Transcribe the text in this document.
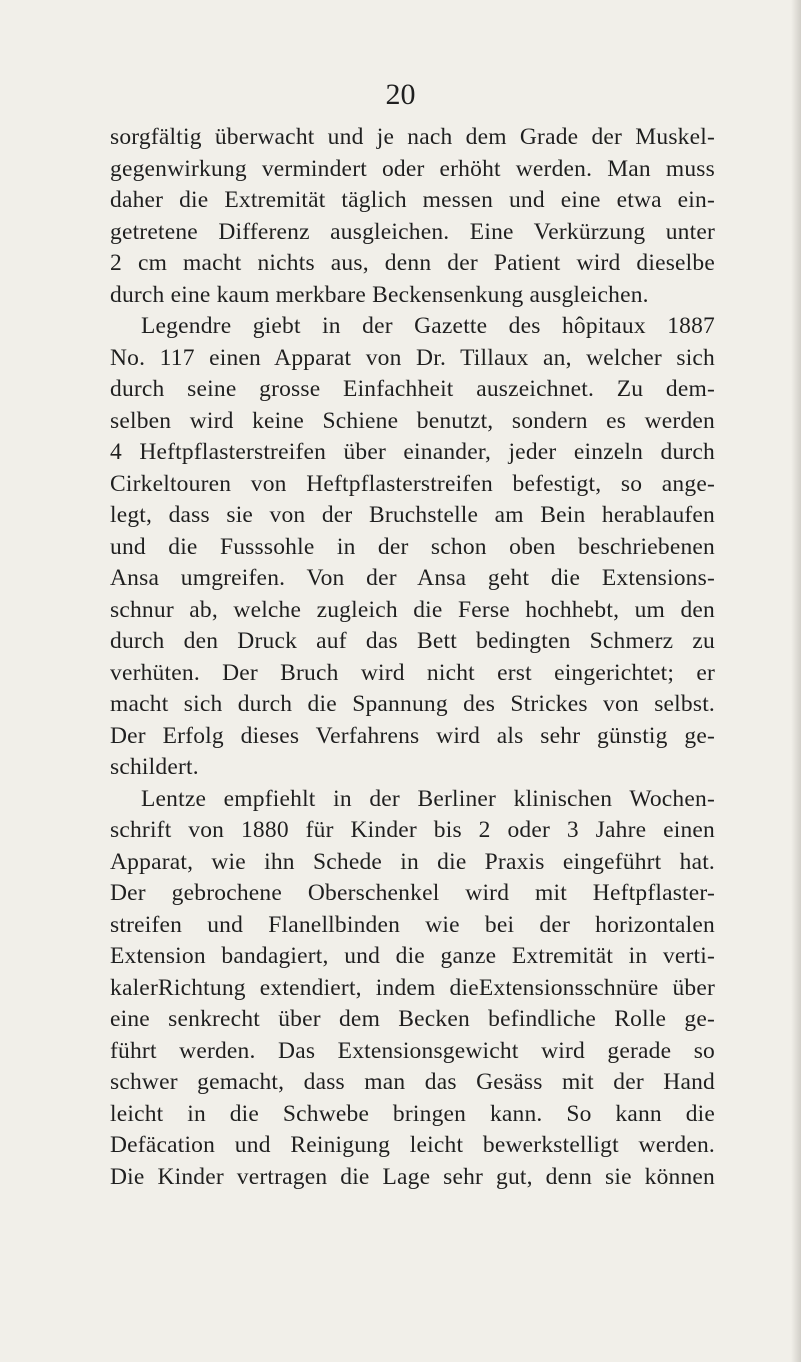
20
sorgfältig überwacht und je nach dem Grade der Muskel-
gegenwirkung vermindert oder erhöht werden. Man muss
daher die Extremität täglich messen und eine etwa ein-
getretene Differenz ausgleichen. Eine Verkürzung unter
2 cm macht nichts aus, denn der Patient wird dieselbe
durch eine kaum merkbare Beckensenkung ausgleichen.
Legendre giebt in der Gazette des hôpitaux 1887
No. 117 einen Apparat von Dr. Tillaux an, welcher sich
durch seine grosse Einfachheit auszeichnet. Zu dem-
selben wird keine Schiene benutzt, sondern es werden
4 Heftpflasterstreifen über einander, jeder einzeln durch
Cirkeltouren von Heftpflasterstreifen befestigt, so ange-
legt, dass sie von der Bruchstelle am Bein herablaufen
und die Fusssohle in der schon oben beschriebenen
Ansa umgreifen. Von der Ansa geht die Extensions-
schnur ab, welche zugleich die Ferse hochhebt, um den
durch den Druck auf das Bett bedingten Schmerz zu
verhüten. Der Bruch wird nicht erst eingerichtet; er
macht sich durch die Spannung des Strickes von selbst.
Der Erfolg dieses Verfahrens wird als sehr günstig ge-
schildert.
Lentze empfiehlt in der Berliner klinischen Wochen-
schrift von 1880 für Kinder bis 2 oder 3 Jahre einen
Apparat, wie ihn Schede in die Praxis eingeführt hat.
Der gebrochene Oberschenkel wird mit Heftpflaster-
streifen und Flanellbinden wie bei der horizontalen
Extension bandagiert, und die ganze Extremität in verti-
kalerRichtung extendiert, indem dieExtensionsschnüre über
eine senkrecht über dem Becken befindliche Rolle ge-
führt werden. Das Extensionsgewicht wird gerade so
schwer gemacht, dass man das Gesäss mit der Hand
leicht in die Schwebe bringen kann. So kann die
Defäcation und Reinigung leicht bewerkstelligt werden.
Die Kinder vertragen die Lage sehr gut, denn sie können
